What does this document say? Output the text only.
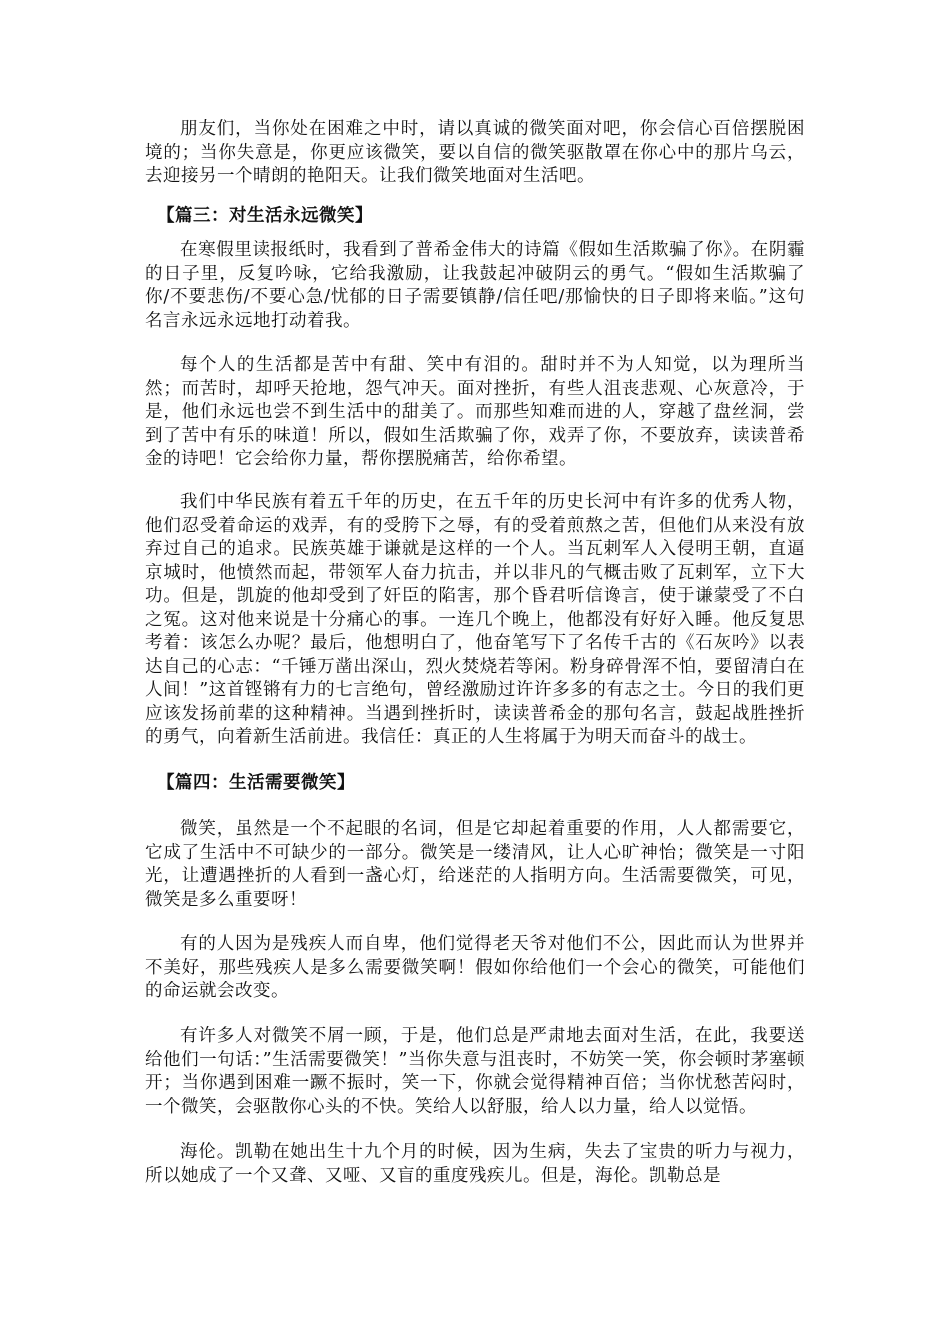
朋友们，当你处在困难之中时，请以真诚的微笑面对吧，你会信心百倍摆脱困境的；当你失意是，你更应该微笑，要以自信的微笑驱散罩在你心中的那片乌云，去迎接另一个晴朗的艳阳天。让我们微笑地面对生活吧。

【篇三：对生活永远微笑】

在寒假里读报纸时，我看到了普希金伟大的诗篇《假如生活欺骗了你》。在阴霾的日子里，反复吟咏，它给我激励，让我鼓起冲破阴云的勇气。“假如生活欺骗了你/不要悲伤/不要心急/忧郁的日子需要镇静/信任吧/那愉快的日子即将来临。”这句名言永远永远地打动着我。

每个人的生活都是苦中有甜、笑中有泪的。甜时并不为人知觉，以为理所当然；而苦时，却呼天抢地，怨气冲天。面对挫折，有些人沮丧悲观、心灰意冷，于是，他们永远也尝不到生活中的甜美了。而那些知难而进的人，穿越了盘丝洞，尝到了苦中有乐的味道！所以，假如生活欺骗了你，戏弄了你，不要放弃，读读普希金的诗吧！它会给你力量，帮你摆脱痛苦，给你希望。

我们中华民族有着五千年的历史，在五千年的历史长河中有许多的优秀人物，他们忍受着命运的戏弄，有的受胯下之辱，有的受着煎熬之苦，但他们从来没有放弃过自己的追求。民族英雄于谦就是这样的一个人。当瓦剌军人入侵明王朝，直逼京城时，他愤然而起，带领军人奋力抗击，并以非凡的气概击败了瓦剌军，立下大功。但是，凯旋的他却受到了奸臣的陷害，那个昏君听信谗言，使于谦蒙受了不白之冤。这对他来说是十分痛心的事。一连几个晚上，他都没有好好入睡。他反复思考着：该怎么办呢？最后，他想明白了，他奋笔写下了名传千古的《石灰吟》以表达自己的心志：“千锤万凿出深山，烈火焚烧若等闲。粉身碎骨浑不怕，要留清白在人间！”这首铿锵有力的七言绝句，曾经激励过许许多多的有志之士。今日的我们更应该发扬前辈的这种精神。当遇到挫折时，读读普希金的那句名言，鼓起战胜挫折的勇气，向着新生活前进。我信任：真正的人生将属于为明天而奋斗的战士。

【篇四：生活需要微笑】

微笑，虽然是一个不起眼的名词，但是它却起着重要的作用，人人都需要它，它成了生活中不可缺少的一部分。微笑是一缕清风，让人心旷神怡；微笑是一寸阳光，让遭遇挫折的人看到一盏心灯，给迷茫的人指明方向。生活需要微笑，可见，微笑是多么重要呀！

有的人因为是残疾人而自卑，他们觉得老天爷对他们不公，因此而认为世界并不美好，那些残疾人是多么需要微笑啊！假如你给他们一个会心的微笑，可能他们的命运就会改变。

有许多人对微笑不屑一顾，于是，他们总是严肃地去面对生活，在此，我要送给他们一句话：”生活需要微笑！”当你失意与沮丧时，不妨笑一笑，你会顿时茅塞顿开；当你遇到困难一蹶不振时，笑一下，你就会觉得精神百倍；当你忧愁苦闷时，一个微笑，会驱散你心头的不快。笑给人以舒服，给人以力量，给人以觉悟。

海伦。凯勒在她出生十九个月的时候，因为生病，失去了宝贵的听力与视力，所以她成了一个又聋、又哑、又盲的重度残疾儿。但是，海伦。凯勒总是
